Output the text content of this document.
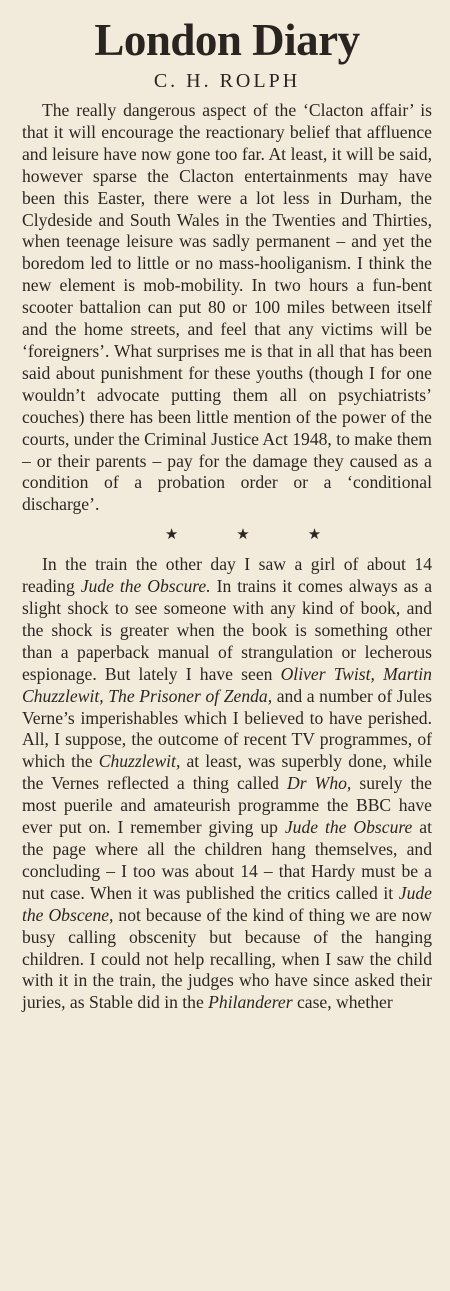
London Diary
C. H. ROLPH

The really dangerous aspect of the ‘Clacton affair’ is that it will encourage the reactionary belief that affluence and leisure have now gone too far. At least, it will be said, however sparse the Clacton entertainments may have been this Easter, there were a lot less in Durham, the Clydeside and South Wales in the Twenties and Thirties, when teenage leisure was sadly permanent – and yet the boredom led to little or no mass-hooliganism. I think the new element is mob-mobility. In two hours a fun-bent scooter battalion can put 80 or 100 miles between itself and the home streets, and feel that any victims will be ‘foreigners’. What surprises me is that in all that has been said about punishment for these youths (though I for one wouldn’t advocate putting them all on psychiatrists’ couches) there has been little mention of the power of the courts, under the Criminal Justice Act 1948, to make them – or their parents – pay for the damage they caused as a condition of a probation order or a ‘conditional discharge’.

★	★	★

In the train the other day I saw a girl of about 14 reading Jude the Obscure. In trains it comes always as a slight shock to see someone with any kind of book, and the shock is greater when the book is something other than a paperback manual of strangulation or lecherous espionage. But lately I have seen Oliver Twist, Martin Chuzzlewit, The Prisoner of Zenda, and a number of Jules Verne’s imperishables which I believed to have perished. All, I suppose, the outcome of recent TV programmes, of which the Chuzzlewit, at least, was superbly done, while the Vernes reflected a thing called Dr Who, surely the most puerile and amateurish programme the BBC have ever put on. I remember giving up Jude the Obscure at the page where all the children hang themselves, and concluding – I too was about 14 – that Hardy must be a nut case. When it was published the critics called it Jude the Obscene, not because of the kind of thing we are now busy calling obscenity but because of the hanging children. I could not help recalling, when I saw the child with it in the train, the judges who have since asked their juries, as Stable did in the Philanderer case, whether
